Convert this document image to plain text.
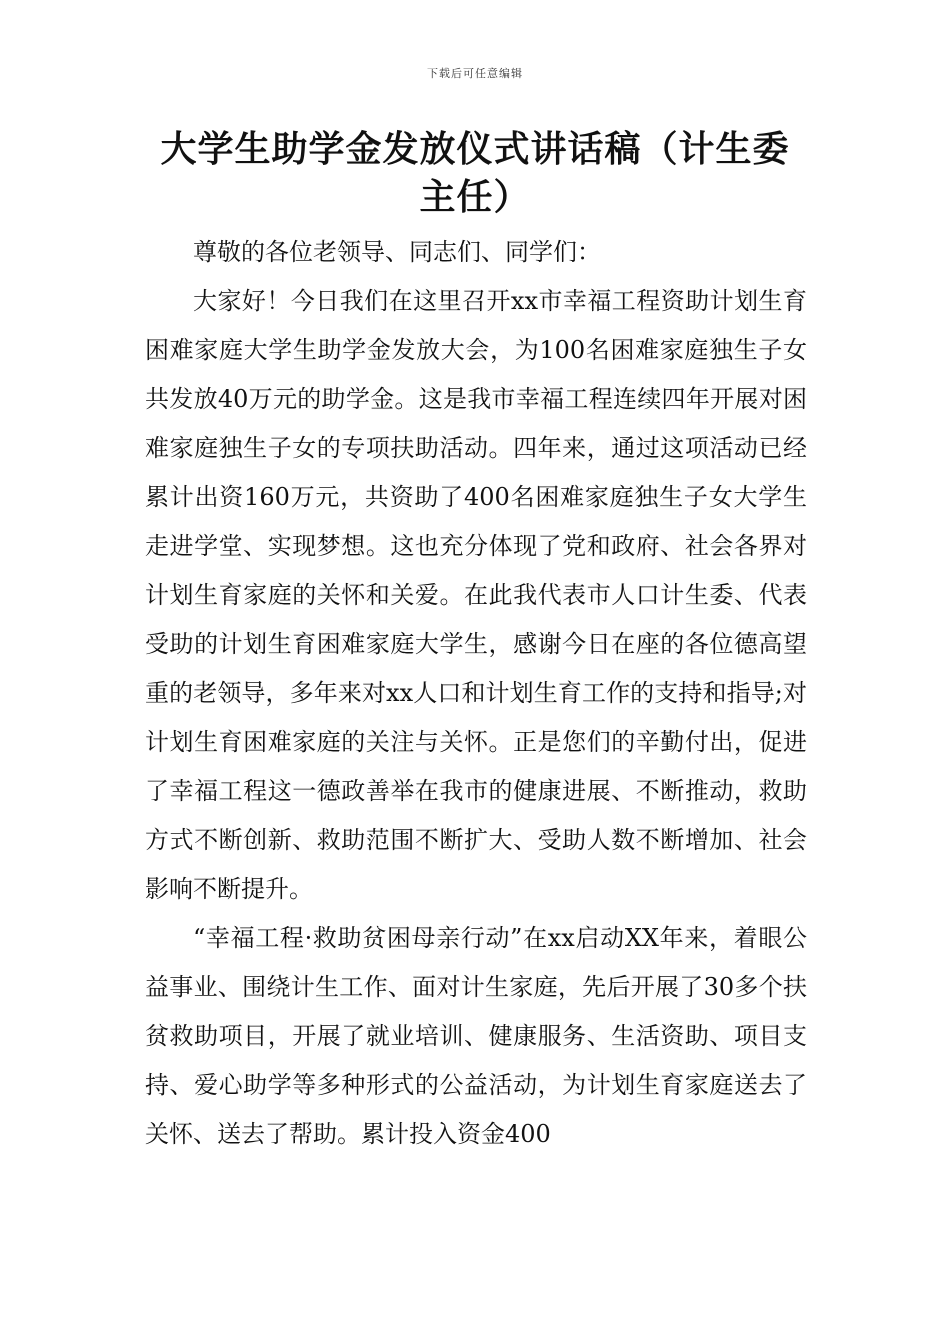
下载后可任意编辑
大学生助学金发放仪式讲话稿（计生委主任）

尊敬的各位老领导、同志们、同学们：

大家好！今日我们在这里召开xx市幸福工程资助计划生育困难家庭大学生助学金发放大会，为100名困难家庭独生子女共发放40万元的助学金。这是我市幸福工程连续四年开展对困难家庭独生子女的专项扶助活动。四年来，通过这项活动已经累计出资160万元，共资助了400名困难家庭独生子女大学生走进学堂、实现梦想。这也充分体现了党和政府、社会各界对计划生育家庭的关怀和关爱。在此我代表市人口计生委、代表受助的计划生育困难家庭大学生，感谢今日在座的各位德高望重的老领导，多年来对xx人口和计划生育工作的支持和指导;对计划生育困难家庭的关注与关怀。正是您们的辛勤付出，促进了幸福工程这一德政善举在我市的健康进展、不断推动，救助方式不断创新、救助范围不断扩大、受助人数不断增加、社会影响不断提升。

“幸福工程·救助贫困母亲行动”在xx启动XX年来，着眼公益事业、围绕计生工作、面对计生家庭，先后开展了30多个扶贫救助项目，开展了就业培训、健康服务、生活资助、项目支持、爱心助学等多种形式的公益活动，为计划生育家庭送去了关怀、送去了帮助。累计投入资金400
